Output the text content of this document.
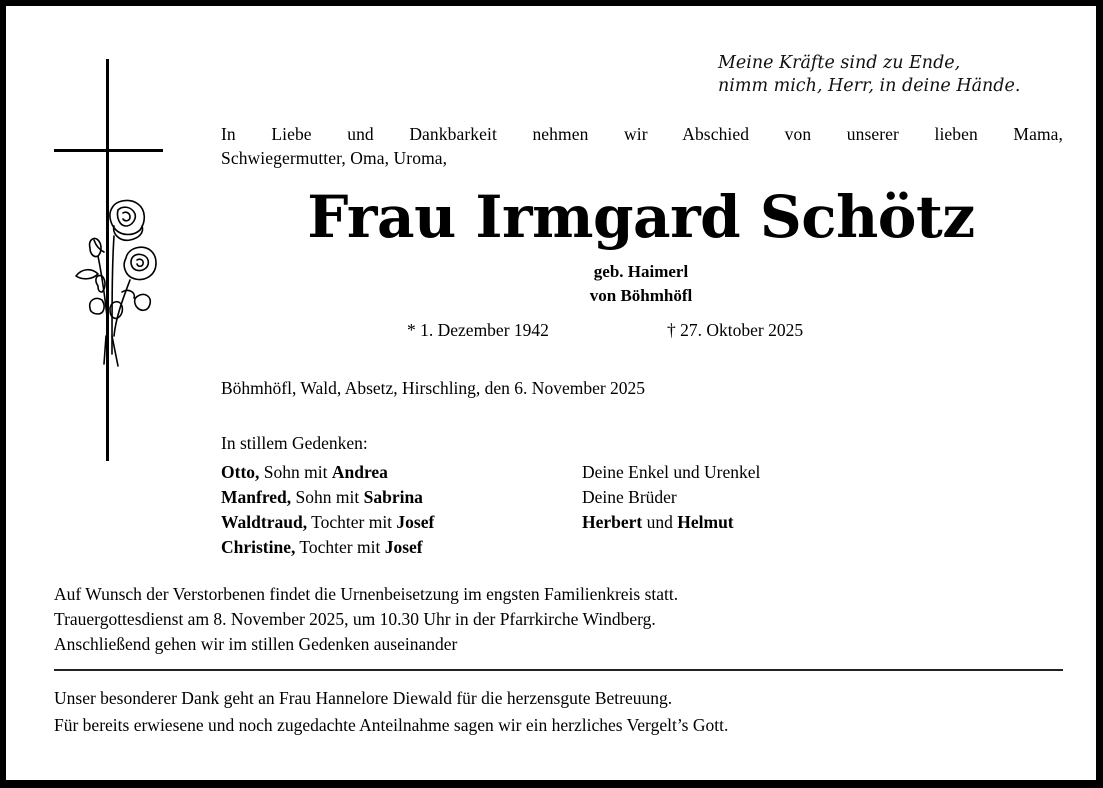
Meine Kräfte sind zu Ende,
nimm mich, Herr, in deine Hände.
In Liebe und Dankbarkeit nehmen wir Abschied von unserer lieben Mama,
Schwiegermutter, Oma, Uroma,
Frau Irmgard Schötz
geb. Haimerl
von Böhmhöfl
* 1. Dezember 1942	† 27. Oktober 2025
Böhmhöfl, Wald, Absetz, Hirschling, den 6. November 2025
In stillem Gedenken:
Otto, Sohn mit Andrea
Manfred, Sohn mit Sabrina
Waldtraud, Tochter mit Josef
Christine, Tochter mit Josef
Deine Enkel und Urenkel
Deine Brüder
Herbert und Helmut
Auf Wunsch der Verstorbenen findet die Urnenbeisetzung im engsten Familienkreis statt.
Trauergottesdienst am 8. November 2025, um 10.30 Uhr in der Pfarrkirche Windberg.
Anschließend gehen wir im stillen Gedenken auseinander
Unser besonderer Dank geht an Frau Hannelore Diewald für die herzensgute Betreuung.
Für bereits erwiesene und noch zugedachte Anteilnahme sagen wir ein herzliches Vergelt’s Gott.
